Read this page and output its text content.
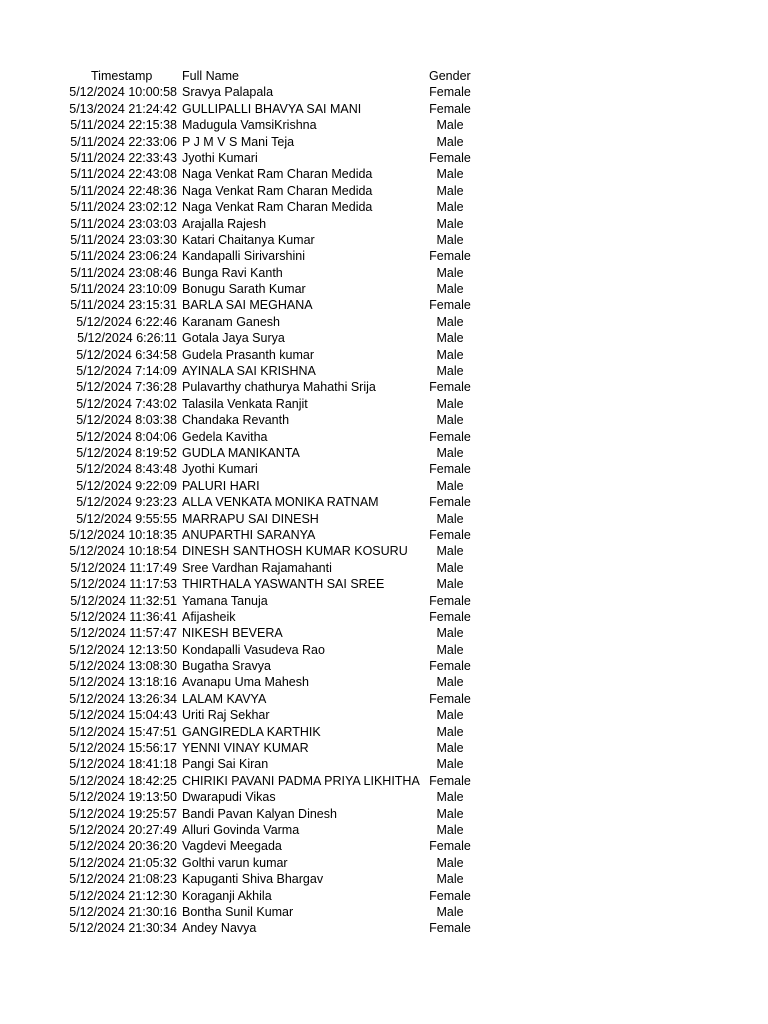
Timestamp Full Name	Gender
5/12/2024 10:00:58 Sravya Palapala	Female
5/13/2024 21:24:42 GULLIPALLI BHAVYA SAI MANI	Female
5/11/2024 22:15:38 Madugula VamsiKrishna	Male
5/11/2024 22:33:06 P J M V S Mani Teja	Male
5/11/2024 22:33:43 Jyothi Kumari	Female
5/11/2024 22:43:08 Naga Venkat Ram Charan Medida	Male
5/11/2024 22:48:36 Naga Venkat Ram Charan Medida	Male
5/11/2024 23:02:12 Naga Venkat Ram Charan Medida	Male
5/11/2024 23:03:03 Arajalla Rajesh	Male
5/11/2024 23:03:30 Katari Chaitanya Kumar	Male
5/11/2024 23:06:24 Kandapalli Sirivarshini	Female
5/11/2024 23:08:46 Bunga Ravi Kanth	Male
5/11/2024 23:10:09 Bonugu Sarath Kumar	Male
5/11/2024 23:15:31 BARLA SAI MEGHANA	Female
5/12/2024 6:22:46 Karanam Ganesh	Male
5/12/2024 6:26:11 Gotala Jaya Surya	Male
5/12/2024 6:34:58 Gudela Prasanth kumar	Male
5/12/2024 7:14:09 AYINALA SAI KRISHNA	Male
5/12/2024 7:36:28 Pulavarthy chathurya Mahathi Srija	Female
5/12/2024 7:43:02 Talasila Venkata Ranjit	Male
5/12/2024 8:03:38 Chandaka Revanth	Male
5/12/2024 8:04:06 Gedela Kavitha	Female
5/12/2024 8:19:52 GUDLA MANIKANTA	Male
5/12/2024 8:43:48 Jyothi Kumari	Female
5/12/2024 9:22:09 PALURI HARI	Male
5/12/2024 9:23:23 ALLA VENKATA MONIKA RATNAM	Female
5/12/2024 9:55:55 MARRAPU SAI DINESH	Male
5/12/2024 10:18:35 ANUPARTHI SARANYA	Female
5/12/2024 10:18:54 DINESH SANTHOSH KUMAR KOSURU	Male
5/12/2024 11:17:49 Sree Vardhan Rajamahanti	Male
5/12/2024 11:17:53 THIRTHALA YASWANTH SAI SREE	Male
5/12/2024 11:32:51 Yamana Tanuja	Female
5/12/2024 11:36:41 Afijasheik	Female
5/12/2024 11:57:47 NIKESH BEVERA	Male
5/12/2024 12:13:50 Kondapalli Vasudeva Rao	Male
5/12/2024 13:08:30 Bugatha Sravya	Female
5/12/2024 13:18:16 Avanapu Uma Mahesh	Male
5/12/2024 13:26:34 LALAM KAVYA	Female
5/12/2024 15:04:43 Uriti Raj Sekhar	Male
5/12/2024 15:47:51 GANGIREDLA KARTHIK	Male
5/12/2024 15:56:17 YENNI VINAY KUMAR	Male
5/12/2024 18:41:18 Pangi Sai Kiran	Male
5/12/2024 18:42:25 CHIRIKI PAVANI PADMA PRIYA LIKHITHA Female
5/12/2024 19:13:50 Dwarapudi Vikas	Male
5/12/2024 19:25:57 Bandi Pavan Kalyan Dinesh	Male
5/12/2024 20:27:49 Alluri Govinda Varma	Male
5/12/2024 20:36:20 Vagdevi Meegada	Female
5/12/2024 21:05:32 Golthi varun kumar	Male
5/12/2024 21:08:23 Kapuganti Shiva Bhargav	Male
5/12/2024 21:12:30 Koraganji Akhila	Female
5/12/2024 21:30:16 Bontha Sunil Kumar	Male
5/12/2024 21:30:34 Andey Navya	Female
